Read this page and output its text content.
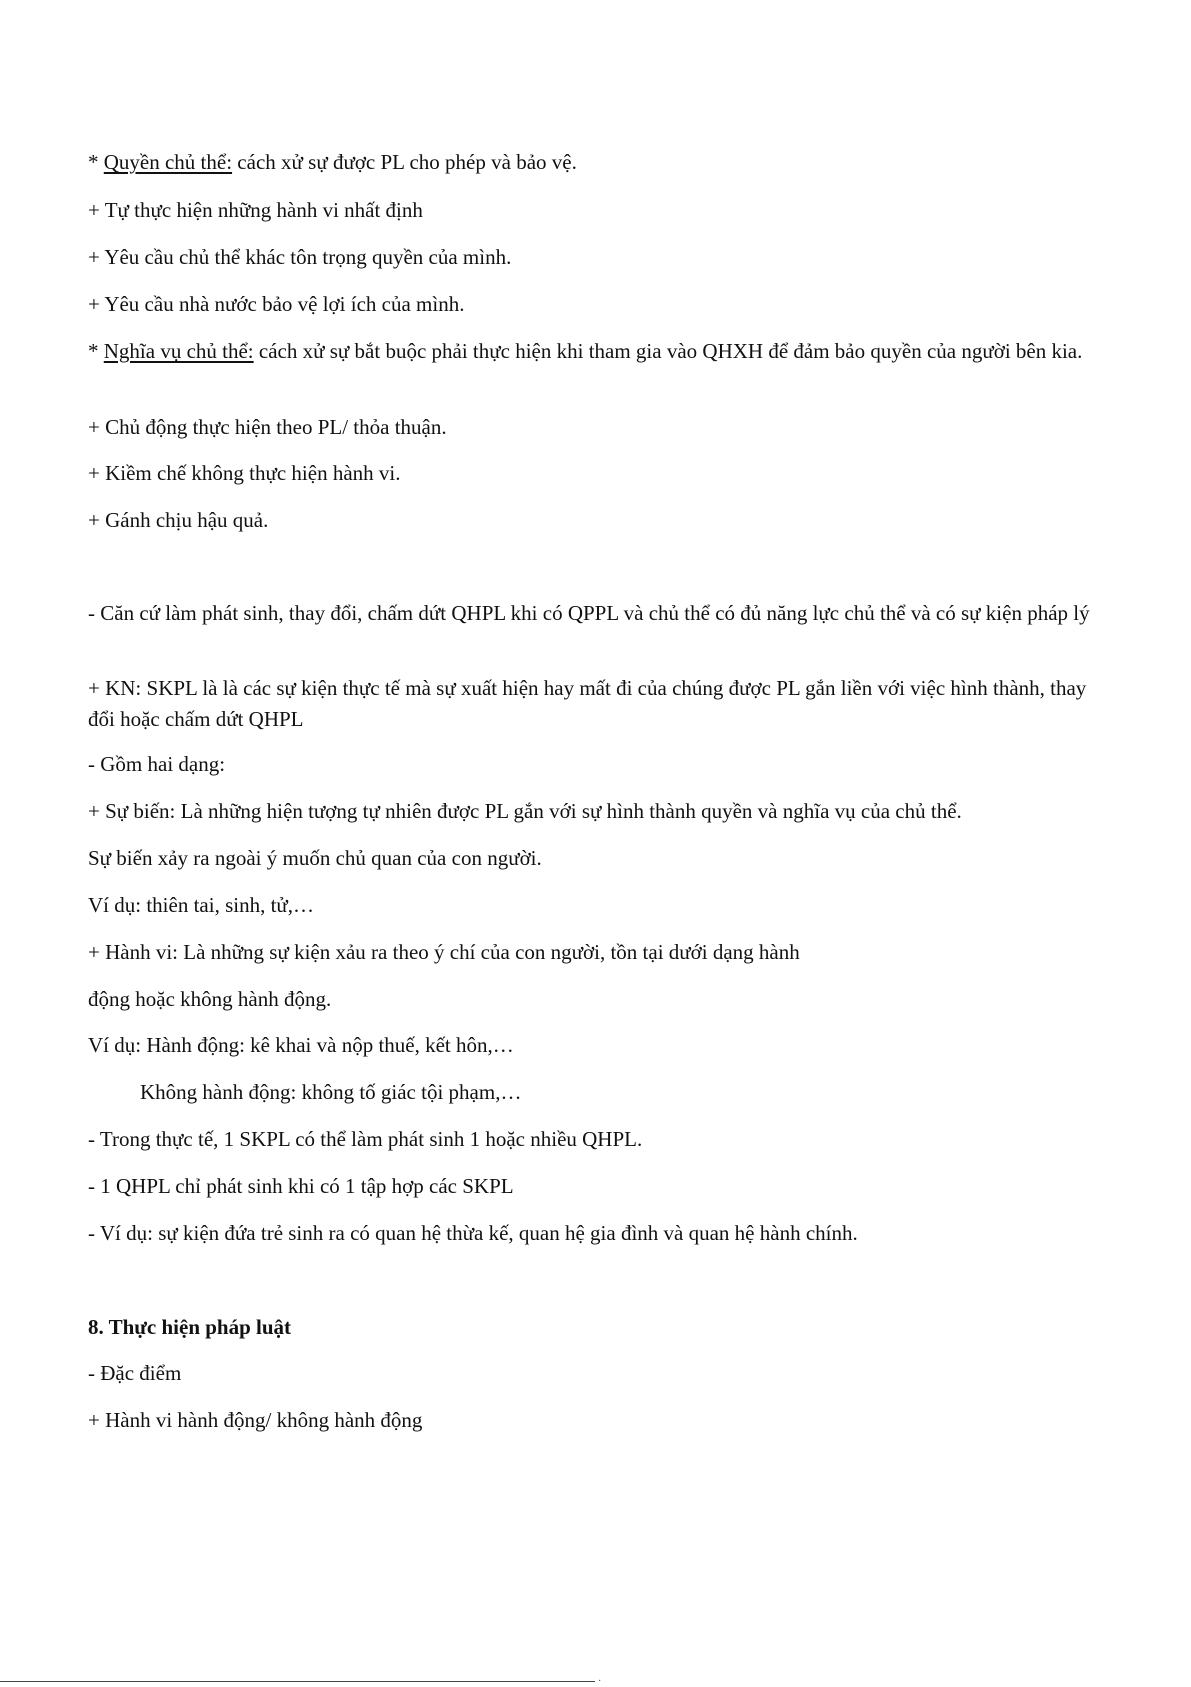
* Quyền chủ thể: cách xử sự được PL cho phép và bảo vệ.

+ Tự thực hiện những hành vi nhất định

+ Yêu cầu chủ thể khác tôn trọng quyền của mình.

+ Yêu cầu nhà nước bảo vệ lợi ích của mình.

* Nghĩa vụ chủ thể: cách xử sự bắt buộc phải thực hiện khi tham gia vào QHXH để đảm bảo quyền của người bên kia.

+ Chủ động thực hiện theo PL/ thỏa thuận.

+ Kiềm chế không thực hiện hành vi.

+ Gánh chịu hậu quả.

- Căn cứ làm phát sinh, thay đổi, chấm dứt QHPL khi có QPPL và chủ thể có đủ năng lực chủ thể và có sự kiện pháp lý

+ KN: SKPL là là các sự kiện thực tế mà sự xuất hiện hay mất đi của chúng được PL gắn liền với việc hình thành, thay đổi hoặc chấm dứt QHPL

- Gồm hai dạng:

+ Sự biến: Là những hiện tượng tự nhiên được PL gắn với sự hình thành quyền và nghĩa vụ của chủ thể.

Sự biến xảy ra ngoài ý muốn chủ quan của con người.

Ví dụ: thiên tai, sinh, tử,…

+ Hành vi: Là những sự kiện xảu ra theo ý chí của con người, tồn tại dưới dạng hành

động hoặc không hành động.

Ví dụ: Hành động: kê khai và nộp thuế, kết hôn,…

Không hành động: không tố giác tội phạm,…

- Trong thực tế, 1 SKPL có thể làm phát sinh 1 hoặc nhiều QHPL.

- 1 QHPL chỉ phát sinh khi có 1 tập hợp các SKPL

- Ví dụ: sự kiện đứa trẻ sinh ra có quan hệ thừa kế, quan hệ gia đình và quan hệ hành chính.

8. Thực hiện pháp luật

- Đặc điểm

+ Hành vi hành động/ không hành động

·
